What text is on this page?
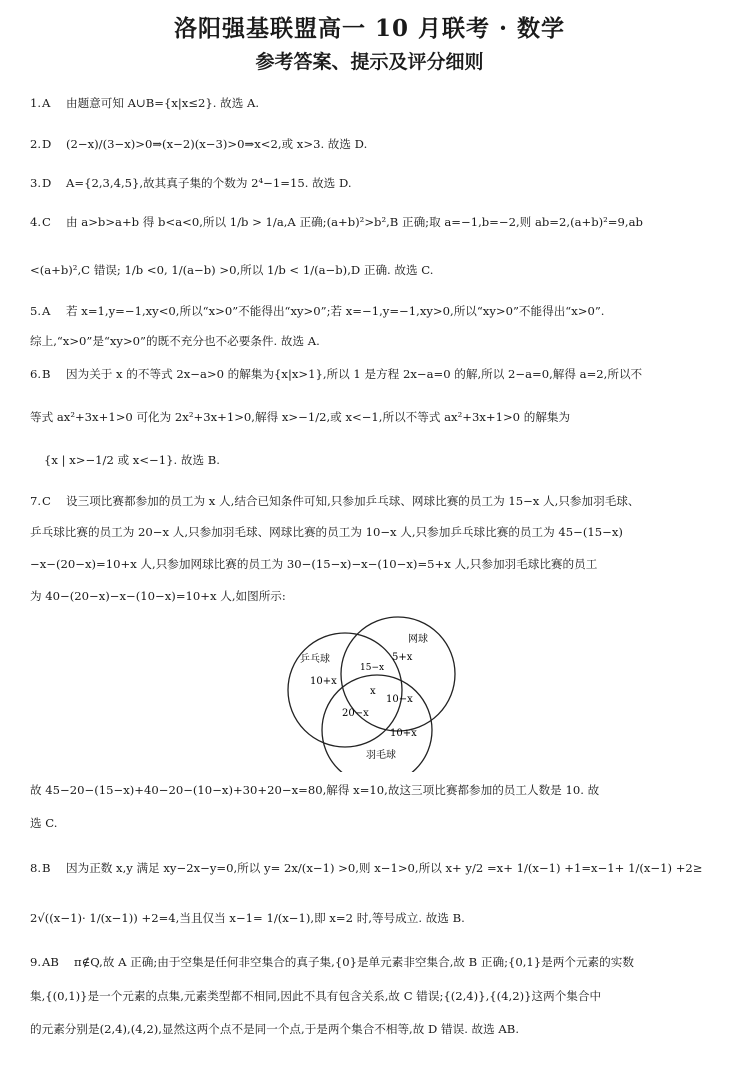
洛阳强基联盟高一 10 月联考 · 数学
参考答案、提示及评分细则
1. A 由题意可知 A∪B={x|x≤2}. 故选 A.
2. D (2−x)/(3−x)>0⇒(x−2)(x−3)>0⇒x<2,或 x>3. 故选 D.
3. D A={2,3,4,5},故其真子集的个数为 2⁴−1=15. 故选 D.
4. C 由 a>b>a+b 得 b<a<0,所以 1/b > 1/a,A 正确;(a+b)²>b²,B 正确;取 a=−1,b=−2,则 ab=2,(a+b)²=9,ab
<(a+b)²,C 错误; 1/b <0, 1/(a−b) >0,所以 1/b < 1/(a−b),D 正确. 故选 C.
5. A 若 x=1,y=−1,xy<0,所以“x>0”不能得出“xy>0”;若 x=−1,y=−1,xy>0,所以“xy>0”不能得出“x>0”.
综上,“x>0”是“xy>0”的既不充分也不必要条件. 故选 A.
6. B 因为关于 x 的不等式 2x−a>0 的解集为{x|x>1},所以 1 是方程 2x−a=0 的解,所以 2−a=0,解得 a=2,所以不
等式 ax²+3x+1>0 可化为 2x²+3x+1>0,解得 x>−1/2,或 x<−1,所以不等式 ax²+3x+1>0 的解集为
{x | x>−1/2 或 x<−1}. 故选 B.
7. C 设三项比赛都参加的员工为 x 人,结合已知条件可知,只参加乒乓球、网球比赛的员工为 15−x 人,只参加羽毛球、
乒乓球比赛的员工为 20−x 人,只参加羽毛球、网球比赛的员工为 10−x 人,只参加乒乓球比赛的员工为 45−(15−x)
−x−(20−x)=10+x 人,只参加网球比赛的员工为 30−(15−x)−x−(10−x)=5+x 人,只参加羽毛球比赛的员工
为 40−(20−x)−x−(10−x)=10+x 人,如图所示:
乒乓球
网球
羽毛球
10+x
5+x
15−x
x
10−x
20−x
10+x
故 45−20−(15−x)+40−20−(10−x)+30+20−x=80,解得 x=10,故这三项比赛都参加的员工人数是 10. 故
选 C.
8. B 因为正数 x,y 满足 xy−2x−y=0,所以 y= 2x/(x−1) >0,则 x−1>0,所以 x+ y/2 =x+ 1/(x−1) +1=x−1+ 1/(x−1) +2≥
2√((x−1)· 1/(x−1)) +2=4,当且仅当 x−1= 1/(x−1),即 x=2 时,等号成立. 故选 B.
9. AB π∉Q,故 A 正确;由于空集是任何非空集合的真子集,{0}是单元素非空集合,故 B 正确;{0,1}是两个元素的实数
集,{(0,1)}是一个元素的点集,元素类型都不相同,因此不具有包含关系,故 C 错误;{(2,4)},{(4,2)}这两个集合中
的元素分别是(2,4),(4,2),显然这两个点不是同一个点,于是两个集合不相等,故 D 错误. 故选 AB.
